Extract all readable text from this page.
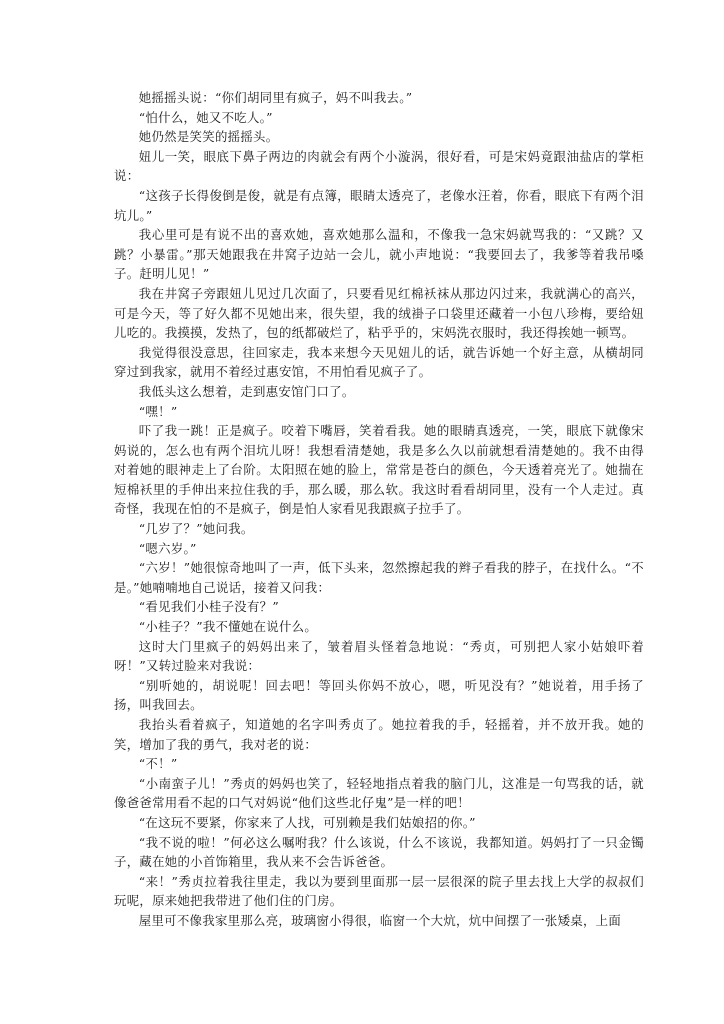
她摇摇头说：“你们胡同里有疯子，妈不叫我去。”

“怕什么，她又不吃人。”

她仍然是笑笑的摇摇头。

妞儿一笑，眼底下鼻子两边的肉就会有两个小漩涡，很好看，可是宋妈竟跟油盐店的掌柜说：

“这孩子长得俊倒是俊，就是有点簿，眼睛太透亮了，老像水汪着，你看，眼底下有两个泪坑儿。”

我心里可是有说不出的喜欢她，喜欢她那么温和，不像我一急宋妈就骂我的：“又跳？又跳？小暴雷。”那天她跟我在井窝子边站一会儿，就小声地说：“我要回去了，我爹等着我吊嗓子。赶明儿见！”

我在井窝子旁跟妞儿见过几次面了，只要看见红棉袄袜从那边闪过来，我就满心的高兴，可是今天，等了好久都不见她出来，很失望，我的绒褂子口袋里还藏着一小包八珍梅，要给妞儿吃的。我摸摸，发热了，包的纸都破烂了，粘乎乎的，宋妈洗衣服时，我还得挨她一顿骂。

我觉得很没意思，往回家走，我本来想今天见妞儿的话，就告诉她一个好主意，从横胡同穿过到我家，就用不着经过惠安馆，不用怕看见疯子了。

我低头这么想着，走到惠安馆门口了。

“嘿！”

吓了我一跳！正是疯子。咬着下嘴唇，笑着看我。她的眼睛真透亮，一笑，眼底下就像宋妈说的，怎么也有两个泪坑儿呀！我想看清楚她，我是多么久以前就想看清楚她的。我不由得对着她的眼神走上了台阶。太阳照在她的脸上，常常是苍白的颜色，今天透着亮光了。她揣在短棉袄里的手伸出来拉住我的手，那么暖，那么软。我这时看看胡同里，没有一个人走过。真奇怪，我现在怕的不是疯子，倒是怕人家看见我跟疯子拉手了。

“几岁了？”她问我。

“嗯六岁。”

“六岁！”她很惊奇地叫了一声，低下头来，忽然擦起我的辫子看我的脖子，在找什么。“不是。”她喃喃地自己说话，接着又问我：

“看见我们小桂子没有？”

“小桂子？”我不懂她在说什么。

这时大门里疯子的妈妈出来了，皱着眉头怪着急地说：“秀贞，可别把人家小姑娘吓着呀！”又转过脸来对我说：

“别听她的，胡说呢！回去吧！等回头你妈不放心，嗯，听见没有？”她说着，用手扬了扬，叫我回去。

我抬头看着疯子，知道她的名字叫秀贞了。她拉着我的手，轻摇着，并不放开我。她的笑，增加了我的勇气，我对老的说：

“不！”

“小南蛮子儿！”秀贞的妈妈也笑了，轻轻地指点着我的脑门儿，这准是一句骂我的话，就像爸爸常用看不起的口气对妈说“他们这些北仔鬼”是一样的吧！

“在这玩不要紧，你家来了人找，可别赖是我们姑娘招的你。”

“我不说的啦！”何必这么嘱咐我？什么该说，什么不该说，我都知道。妈妈打了一只金镯子，藏在她的小首饰箱里，我从来不会告诉爸爸。

“来！”秀贞拉着我往里走，我以为要到里面那一层一层很深的院子里去找上大学的叔叔们玩呢，原来她把我带进了他们住的门房。

屋里可不像我家里那么亮，玻璃窗小得很，临窗一个大炕，炕中间摆了一张矮桌，上面
